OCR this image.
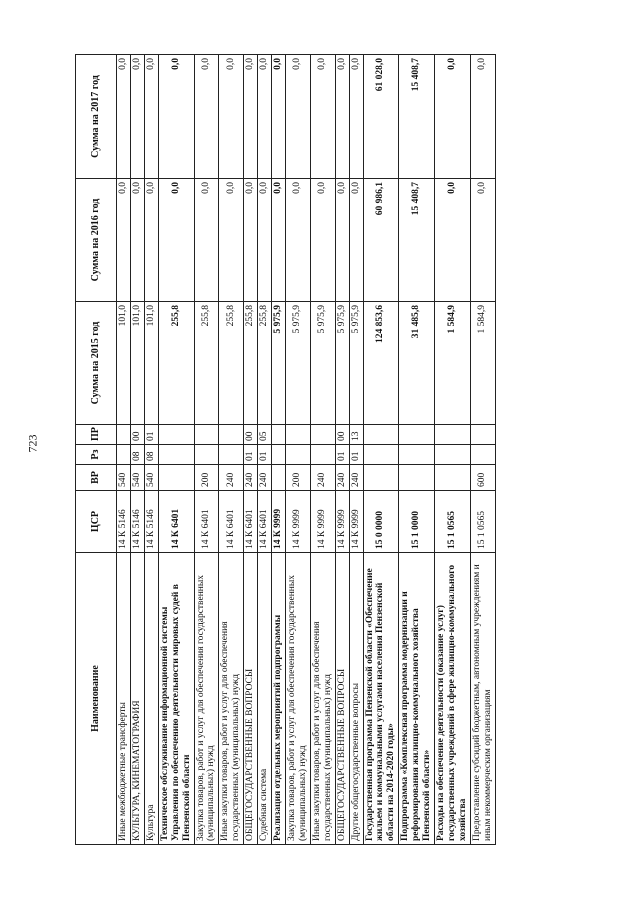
723
Наименование	ЦСР	ВР	Рз	ПР	Сумма на 2015 год	Сумма на 2016 год	Сумма на 2017 год
Иные межбюджетные трансферты	14 К 5146	540			101,0	0,0	0,0
КУЛЬТУРА, КИНЕМАТОГРАФИЯ	14 К 5146	540	08	00	101,0	0,0	0,0
Культура	14 К 5146	540	08	01	101,0	0,0	0,0
Техническое обслуживание информационной системы Управления по обеспечению деятельности мировых судей в Пензенской области	14 К 6401				255,8	0,0	0,0
Закупка товаров, работ и услуг для обеспечения государственных (муниципальных) нужд	14 К 6401	200			255,8	0,0	0,0
Иные закупки товаров, работ и услуг для обеспечения государственных (муниципальных) нужд	14 К 6401	240			255,8	0,0	0,0
ОБЩЕГОСУДАРСТВЕННЫЕ ВОПРОСЫ	14 К 6401	240	01	00	255,8	0,0	0,0
Судебная система	14 К 6401	240	01	05	255,8	0,0	0,0
Реализация отдельных мероприятий подпрограммы	14 К 9999				5 975,9	0,0	0,0
Закупка товаров, работ и услуг для обеспечения государственных (муниципальных) нужд	14 К 9999	200			5 975,9	0,0	0,0
Иные закупки товаров, работ и услуг для обеспечения государственных (муниципальных) нужд	14 К 9999	240			5 975,9	0,0	0,0
ОБЩЕГОСУДАРСТВЕННЫЕ ВОПРОСЫ	14 К 9999	240	01	00	5 975,9	0,0	0,0
Другие общегосударственные вопросы	14 К 9999	240	01	13	5 975,9	0,0	0,0
Государственная программа Пензенской области «Обеспечение жильем и коммунальными услугами населения Пензенской области на 2014-2020 годы»	15 0 0000				124 853,6	60 986,1	61 028,0
Подпрограмма «Комплексная программа модернизации и реформирования жилищно-коммунального хозяйства Пензенской области»	15 1 0000				31 485,8	15 408,7	15 408,7
Расходы на обеспечение деятельности (оказание услуг) государственных учреждений в сфере жилищно-коммунального хозяйства	15 1 0565				1 584,9	0,0	0,0
Предоставление субсидий бюджетным, автономным учреждениям и иным некоммерческим организациям	15 1 0565	600			1 584,9	0,0	0,0
